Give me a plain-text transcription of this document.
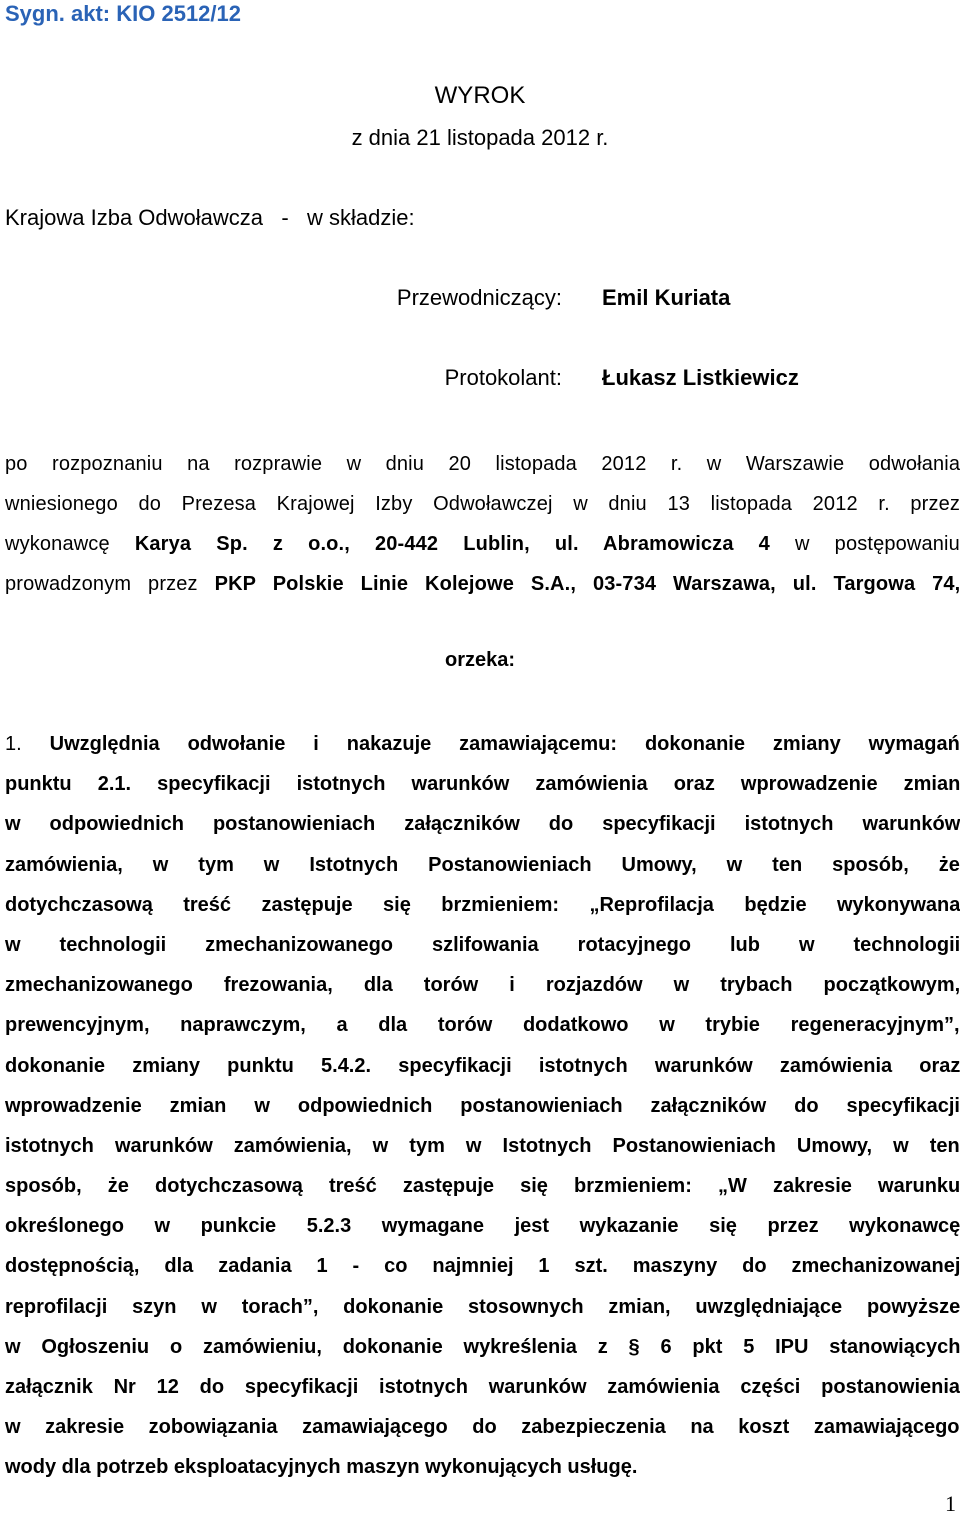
Sygn. akt: KIO 2512/12
WYROK
z dnia 21 listopada 2012 r.
Krajowa Izba Odwoławcza   -   w składzie:
Przewodniczący: Emil Kuriata
Protokolant: Łukasz Listkiewicz
po rozpoznaniu na rozprawie w dniu 20 listopada 2012 r. w Warszawie odwołania
wniesionego do Prezesa Krajowej Izby Odwoławczej w dniu 13 listopada 2012 r. przez
wykonawcę Karya Sp. z o.o., 20-442 Lublin, ul. Abramowicza 4 w postępowaniu
prowadzonym przez PKP Polskie Linie Kolejowe S.A., 03-734 Warszawa, ul. Targowa 74,
orzeka:
1. Uwzględnia odwołanie i nakazuje zamawiającemu: dokonanie zmiany wymagań
punktu 2.1. specyfikacji istotnych warunków zamówienia oraz wprowadzenie zmian
w odpowiednich postanowieniach załączników do specyfikacji istotnych warunków
zamówienia, w tym w Istotnych Postanowieniach Umowy, w ten sposób, że
dotychczasową treść zastępuje się brzmieniem: „Reprofilacja będzie wykonywana
w technologii zmechanizowanego szlifowania rotacyjnego lub w technologii
zmechanizowanego frezowania, dla torów i rozjazdów w trybach początkowym,
prewencyjnym, naprawczym, a dla torów dodatkowo w trybie regeneracyjnym”,
dokonanie zmiany punktu 5.4.2. specyfikacji istotnych warunków zamówienia oraz
wprowadzenie zmian w odpowiednich postanowieniach załączników do specyfikacji
istotnych warunków zamówienia, w tym w Istotnych Postanowieniach Umowy, w ten
sposób, że dotychczasową treść zastępuje się brzmieniem: „W zakresie warunku
określonego w punkcie 5.2.3 wymagane jest wykazanie się przez wykonawcę
dostępnością, dla zadania 1 - co najmniej 1 szt. maszyny do zmechanizowanej
reprofilacji szyn w torach”, dokonanie stosownych zmian, uwzględniające powyższe
w Ogłoszeniu o zamówieniu, dokonanie wykreślenia z § 6 pkt 5 IPU stanowiących
załącznik Nr 12 do specyfikacji istotnych warunków zamówienia części postanowienia
w zakresie zobowiązania zamawiającego do zabezpieczenia na koszt zamawiającego
wody dla potrzeb eksploatacyjnych maszyn wykonujących usługę.
1
